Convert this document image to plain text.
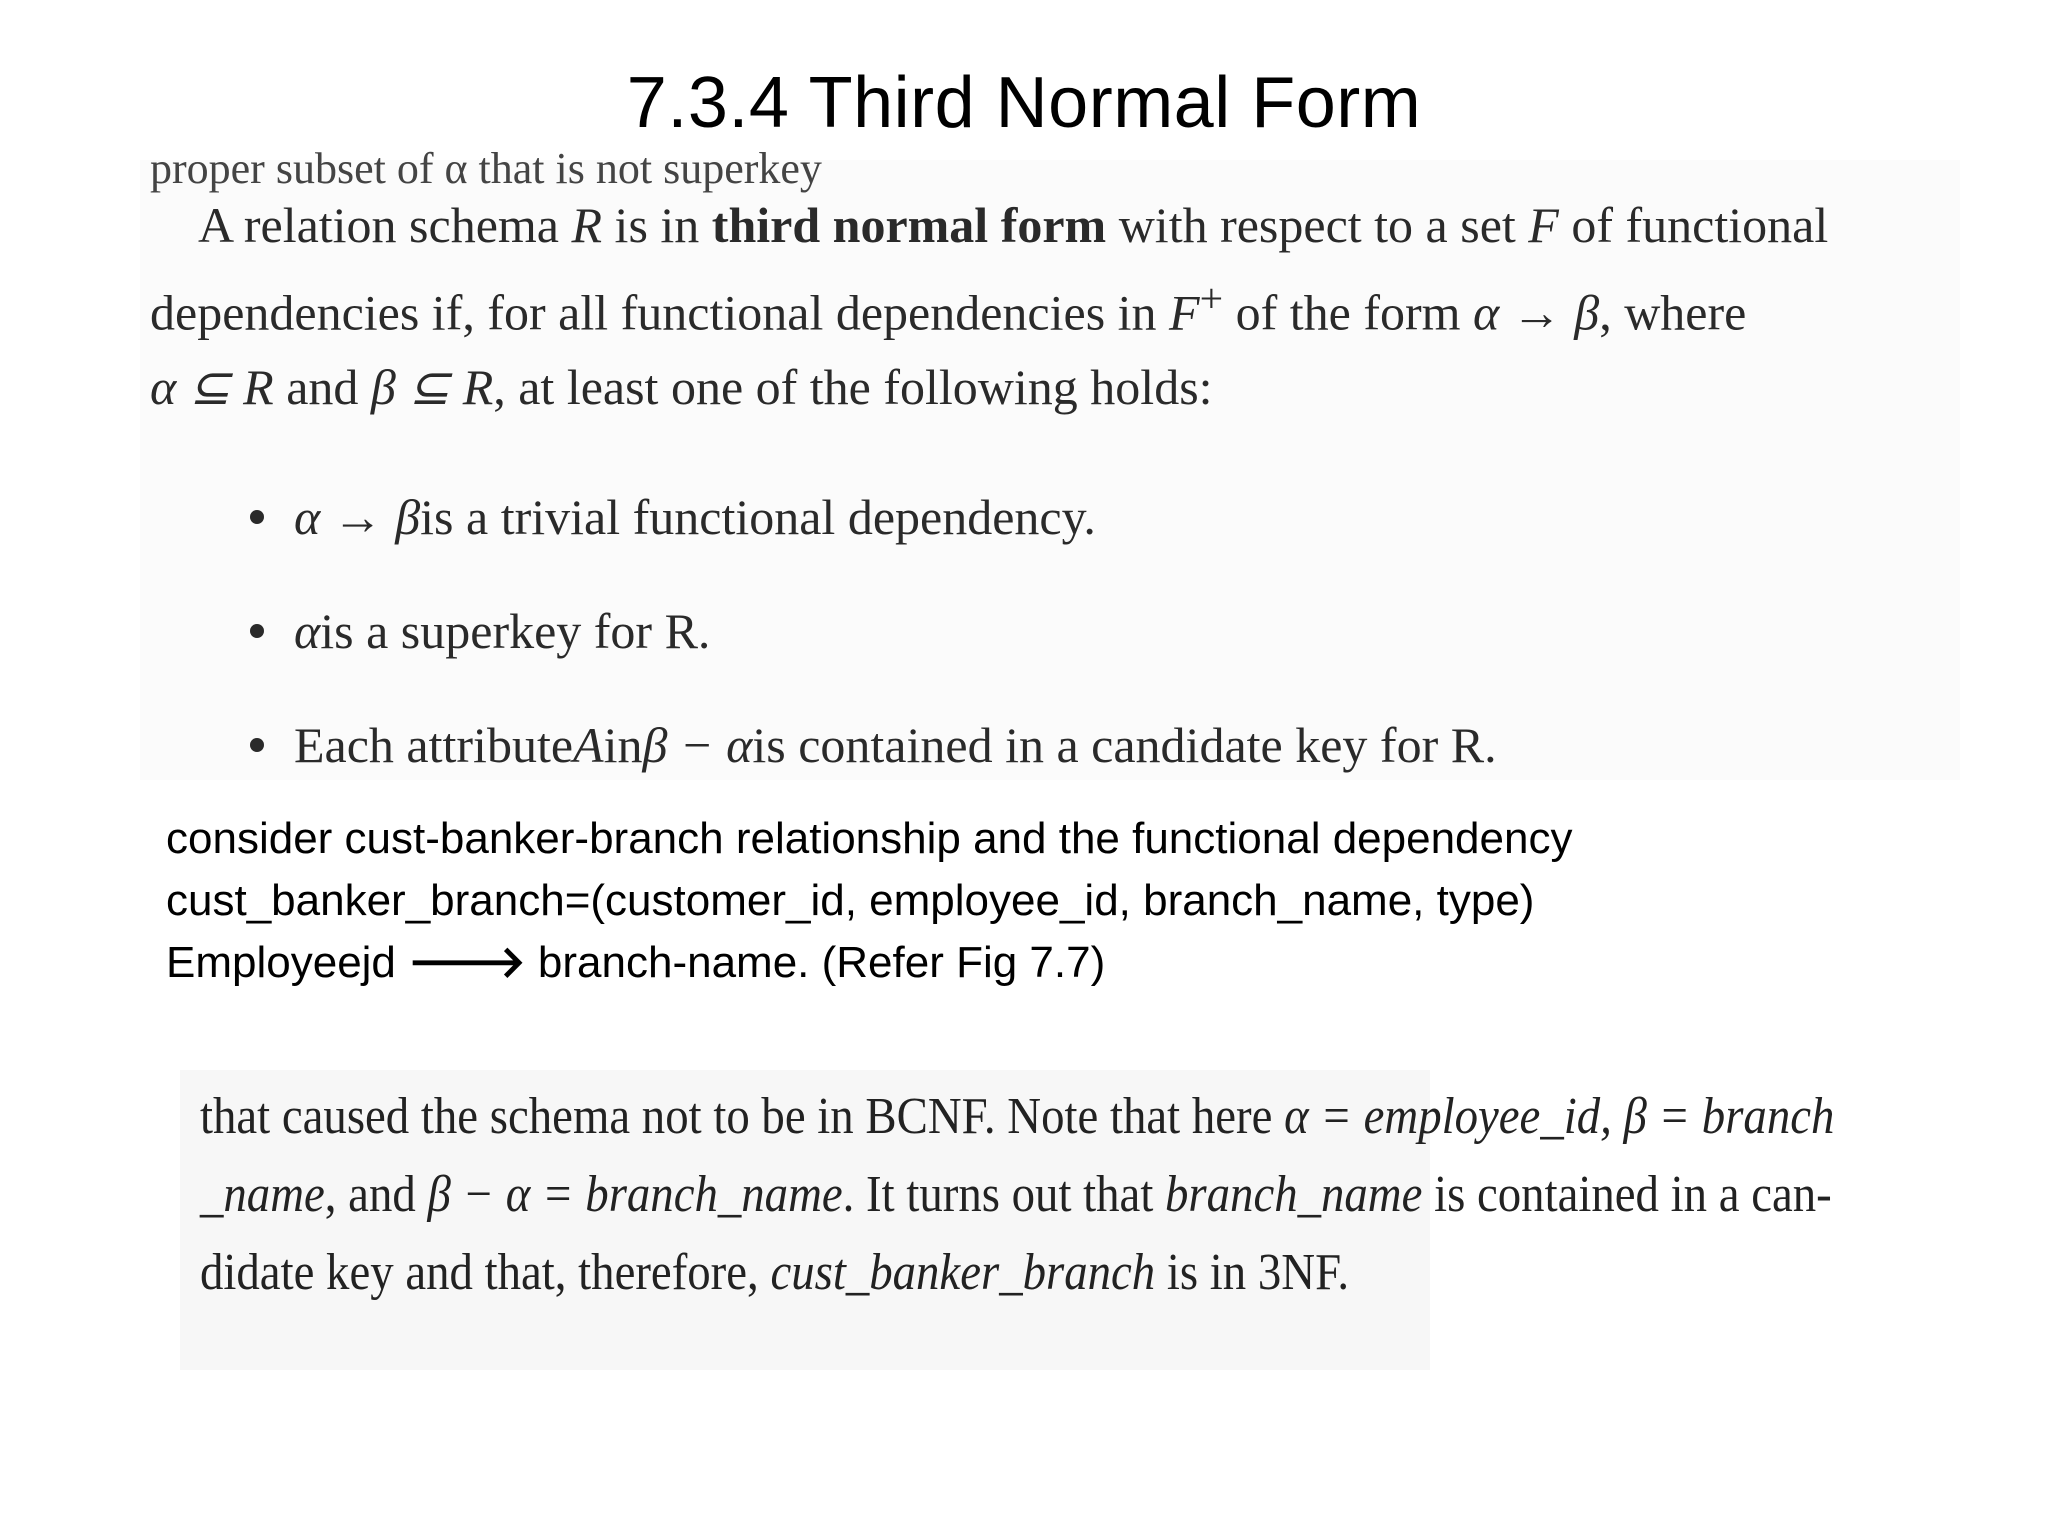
7.3.4 Third Normal Form
proper subset of α that is not superkey
A relation schema R is in third normal form with respect to a set F of functional
dependencies if, for all functional dependencies in F+ of the form α → β, where
α ⊆ R and β ⊆ R, at least one of the following holds:
α → β is a trivial functional dependency.
α is a superkey for R.
Each attribute A in β − α is contained in a candidate key for R.
consider cust-banker-branch relationship and the functional dependency
cust_banker_branch=(customer_id, employee_id, branch_name, type)
Employeejd 🡒 branch-name. (Refer Fig 7.7)
that caused the schema not to be in BCNF. Note that here α = employee_id, β = branch
_name, and β − α = branch_name. It turns out that branch_name is contained in a can-
didate key and that, therefore, cust_banker_branch is in 3NF.
